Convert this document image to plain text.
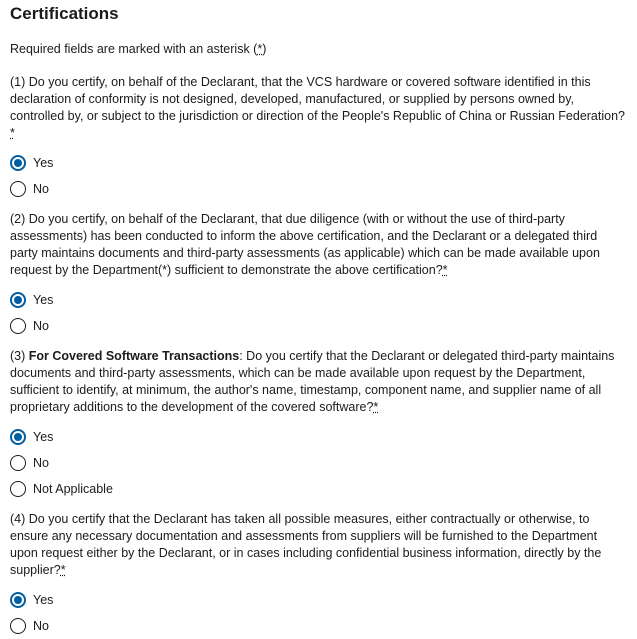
Certifications
Required fields are marked with an asterisk (*)

(1) Do you certify, on behalf of the Declarant, that the VCS hardware or covered software identified in this declaration of conformity is not designed, developed, manufactured, or supplied by persons owned by, controlled by, or subject to the jurisdiction or direction of the People's Republic of China or Russian Federation?*

Yes
No

(2) Do you certify, on behalf of the Declarant, that due diligence (with or without the use of third-party assessments) has been conducted to inform the above certification, and the Declarant or a delegated third party maintains documents and third-party assessments (as applicable) which can be made available upon request by the Department(*) sufficient to demonstrate the above certification?*

Yes
No

(3) For Covered Software Transactions: Do you certify that the Declarant or delegated third-party maintains documents and third-party assessments, which can be made available upon request by the Department, sufficient to identify, at minimum, the author's name, timestamp, component name, and supplier name of all proprietary additions to the development of the covered software?*

Yes
No
Not Applicable

(4) Do you certify that the Declarant has taken all possible measures, either contractually or otherwise, to ensure any necessary documentation and assessments from suppliers will be furnished to the Department upon request either by the Declarant, or in cases including confidential business information, directly by the supplier?*

Yes
No
